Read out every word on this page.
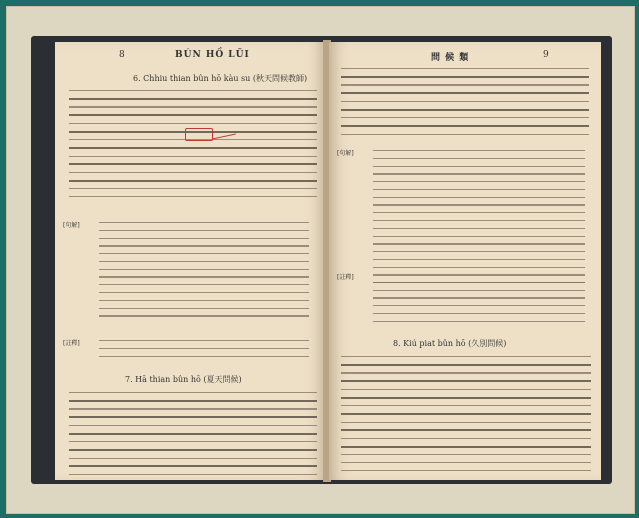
8	BÚN HỒ LŨI
6. Chhiu thian bûn hō kàu su (秋天問候教師)
[句解]
[註釋]
7. Hā thian bûn hō (夏天問候)
問 候 類	9
[句解]
[註釋]
8. Kiú piat bûn hō (久別問候)
